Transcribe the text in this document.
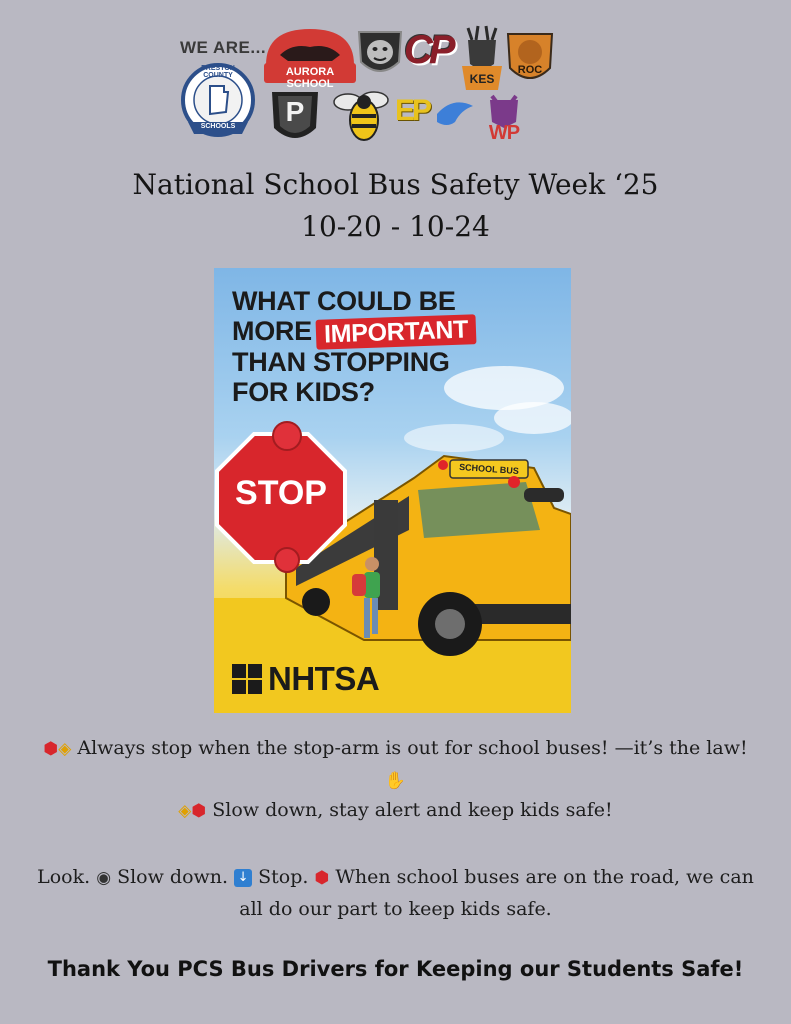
WE ARE...
PRESTON COUNTY
SCHOOLS
AURORA SCHOOL
CP
KES
ROC
P	EP
WP
National School Bus Safety Week ‘25
10-20 - 10-24
WHAT COULD BE
MORE IMPORTANT
THAN STOPPING
FOR KIDS?
STOP
SCHOOL BUS
NHTSA
⬢◈ Always stop when the stop-arm is out for school buses! —it’s the law! ✋
◈⬢ Slow down, stay alert and keep kids safe!
Look. ◉ Slow down. ↓ Stop. ⬢ When school buses are on the road, we can all do our part to keep kids safe.
Thank You PCS Bus Drivers for Keeping our Students Safe!
